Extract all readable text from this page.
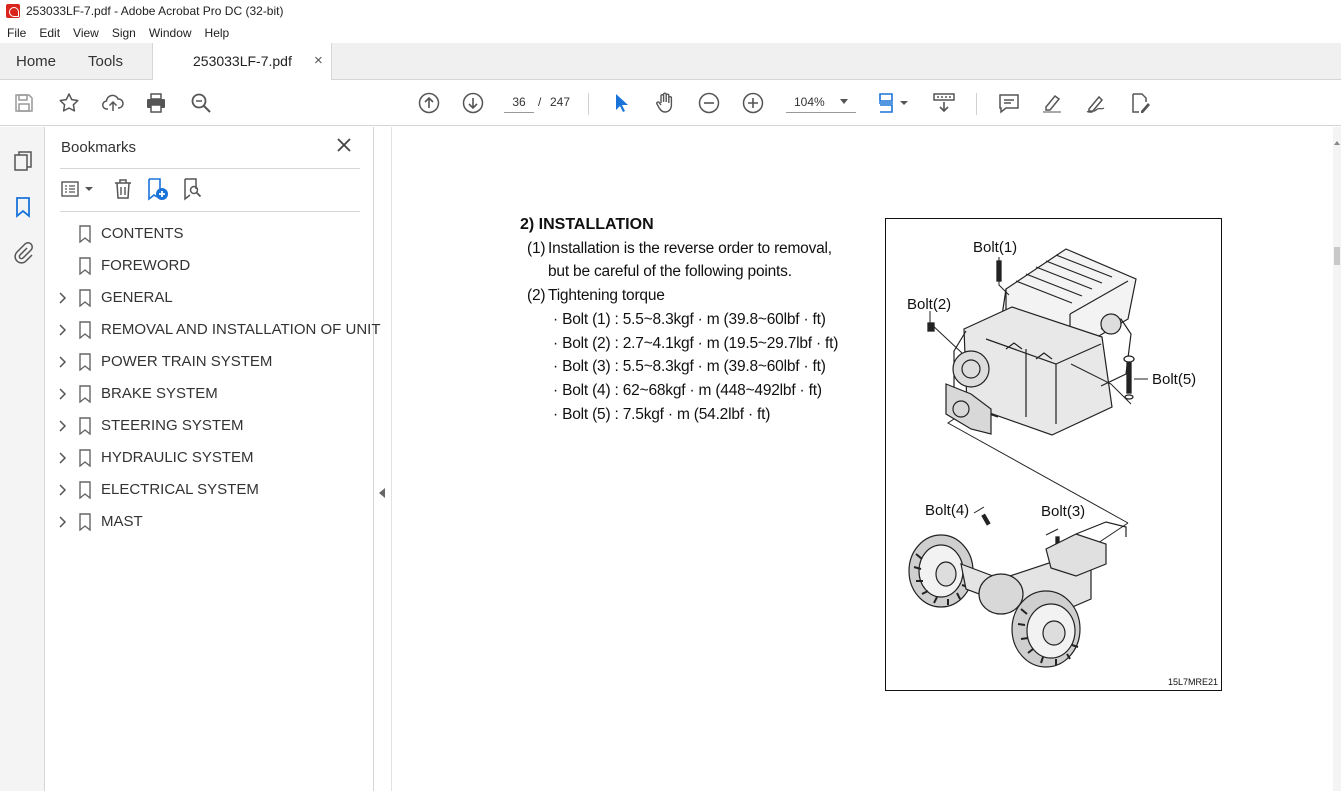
253033LF-7.pdf - Adobe Acrobat Pro DC (32-bit)
File	Edit	View	Sign	Window	Help
Home Tools	253033LF-7.pdf ×
36	/ 247	104%
Bookmarks
CONTENTS
FOREWORD
GENERAL
REMOVAL AND INSTALLATION OF UNIT
POWER TRAIN SYSTEM
BRAKE SYSTEM
STEERING SYSTEM
HYDRAULIC SYSTEM
ELECTRICAL SYSTEM
MAST
2) INSTALLATION
(1) Installation is the reverse order to removal,
but be careful of the following points.
(2) Tightening torque
· Bolt (1) : 5.5~8.3kgf · m (39.8~60lbf · ft)
· Bolt (2) : 2.7~4.1kgf · m (19.5~29.7lbf · ft)
· Bolt (3) : 5.5~8.3kgf · m (39.8~60lbf · ft)
· Bolt (4) : 62~68kgf · m (448~492lbf · ft)
· Bolt (5) : 7.5kgf · m (54.2lbf · ft)
Bolt(1)
Bolt(2)
Bolt(5)
Bolt(4)	Bolt(3)
15L7MRE21
